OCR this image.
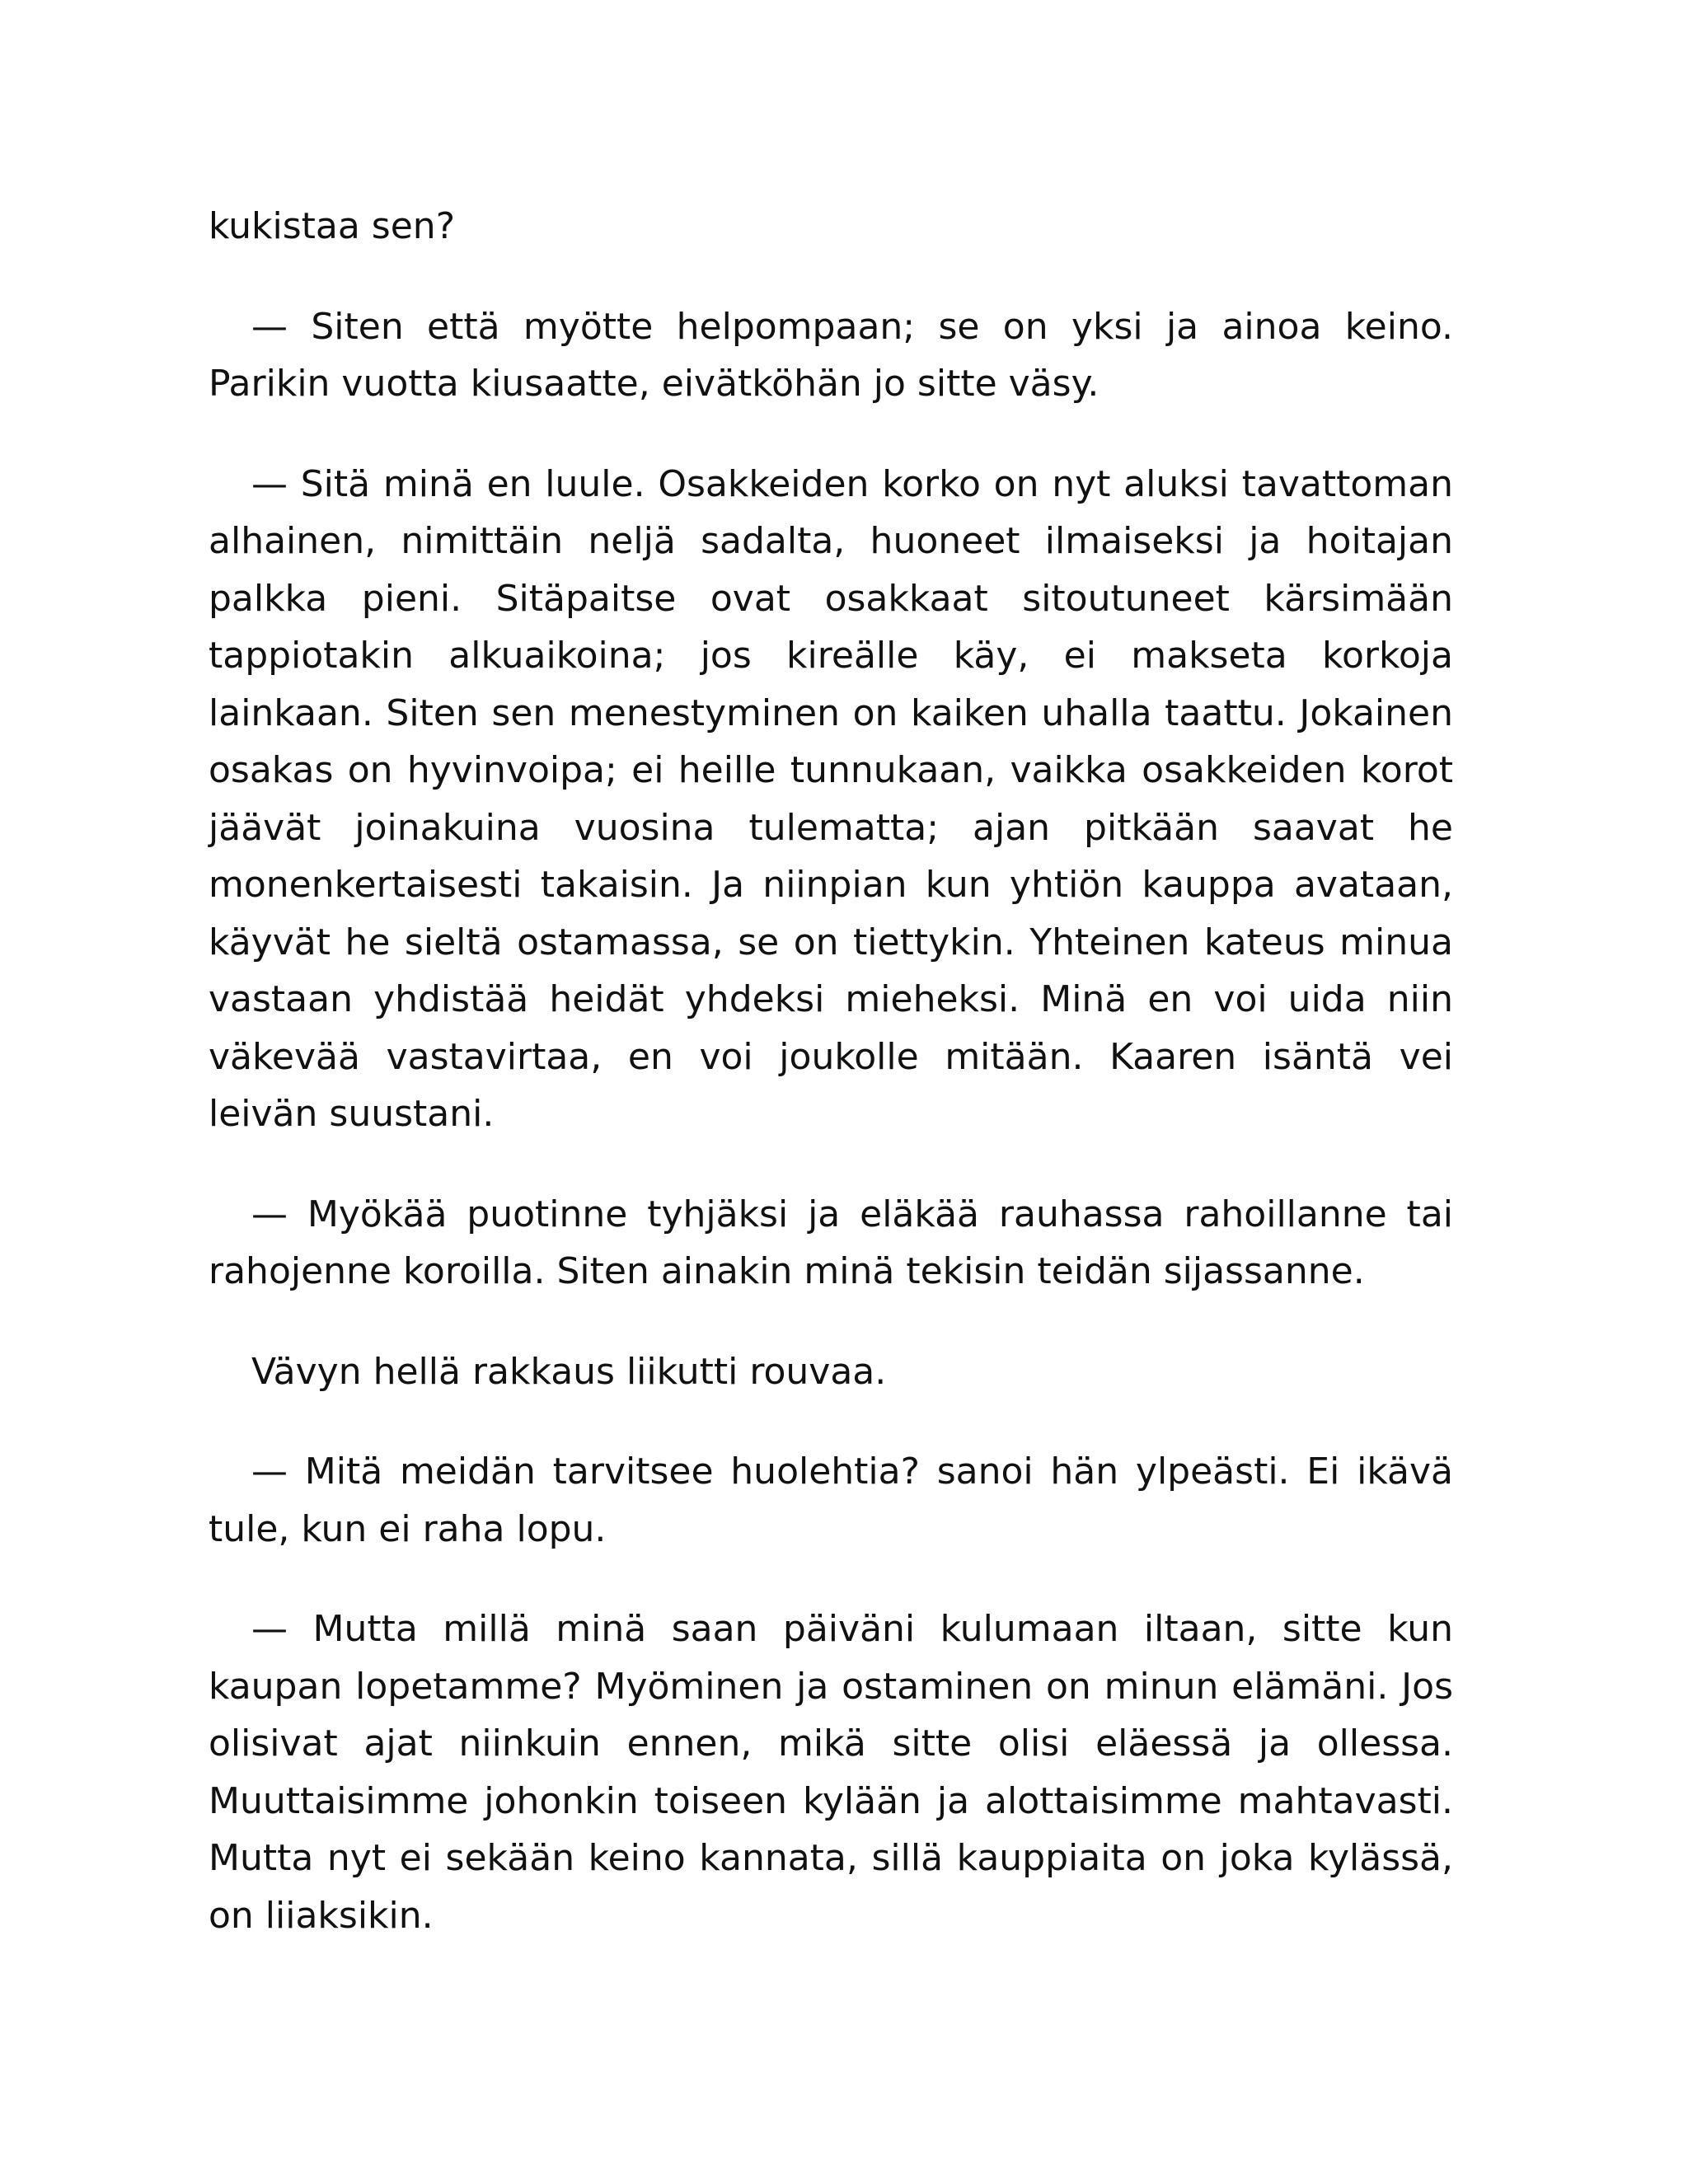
kukistaa sen?

— Siten että myötte helpompaan; se on yksi ja ainoa keino. Parikin vuotta kiusaatte, eivätköhän jo sitte väsy.

— Sitä minä en luule. Osakkeiden korko on nyt aluksi tavattoman alhainen, nimittäin neljä sadalta, huoneet ilmaiseksi ja hoitajan palkka pieni. Sitäpaitse ovat osakkaat sitoutuneet kärsimään tappiotakin alkuaikoina; jos kireälle käy, ei makseta korkoja lainkaan. Siten sen menestyminen on kaiken uhalla taattu. Jokainen osakas on hyvinvoipa; ei heille tunnukaan, vaikka osakkeiden korot jäävät joinakuina vuosina tulematta; ajan pitkään saavat he monenkertaisesti takaisin. Ja niinpian kun yhtiön kauppa avataan, käyvät he sieltä ostamassa, se on tiettykin. Yhteinen kateus minua vastaan yhdistää heidät yhdeksi mieheksi. Minä en voi uida niin väkevää vastavirtaa, en voi joukolle mitään. Kaaren isäntä vei leivän suustani.

— Myökää puotinne tyhjäksi ja eläkää rauhassa rahoillanne tai rahojenne koroilla. Siten ainakin minä tekisin teidän sijassanne.

Vävyn hellä rakkaus liikutti rouvaa.

— Mitä meidän tarvitsee huolehtia? sanoi hän ylpeästi. Ei ikävä tule, kun ei raha lopu.

— Mutta millä minä saan päiväni kulumaan iltaan, sitte kun kaupan lopetamme? Myöminen ja ostaminen on minun elämäni. Jos olisivat ajat niinkuin ennen, mikä sitte olisi eläessä ja ollessa. Muuttaisimme johonkin toiseen kylään ja alottaisimme mahtavasti. Mutta nyt ei sekään keino kannata, sillä kauppiaita on joka kylässä, on liiaksikin.
